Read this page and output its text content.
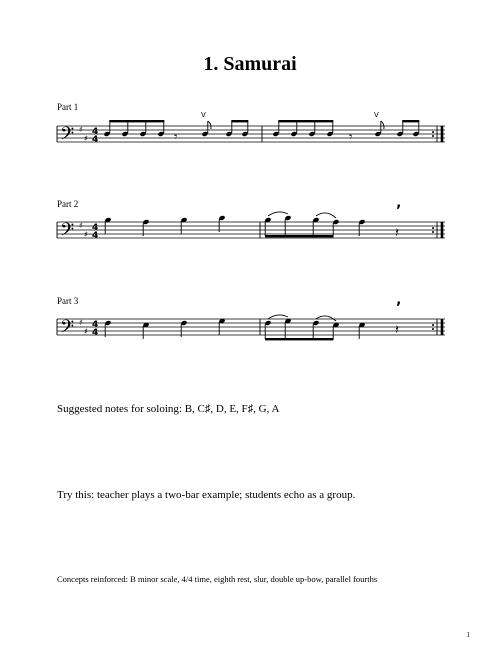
1. Samurai
Part 1
𝄢 ♯
♯
4
4	𝄾
V
𝄾
V
Part 2
𝄢 ♯
♯
4
4
’
𝄽
Part 3
𝄢 ♯
♯
4
4
’
𝄽
Suggested notes for soloing: B, C♯, D, E, F♯, G, A
Try this: teacher plays a two-bar example; students echo as a group.
Concepts reinforced: B minor scale, 4/4 time, eighth rest, slur, double up-bow, parallel fourths
1
